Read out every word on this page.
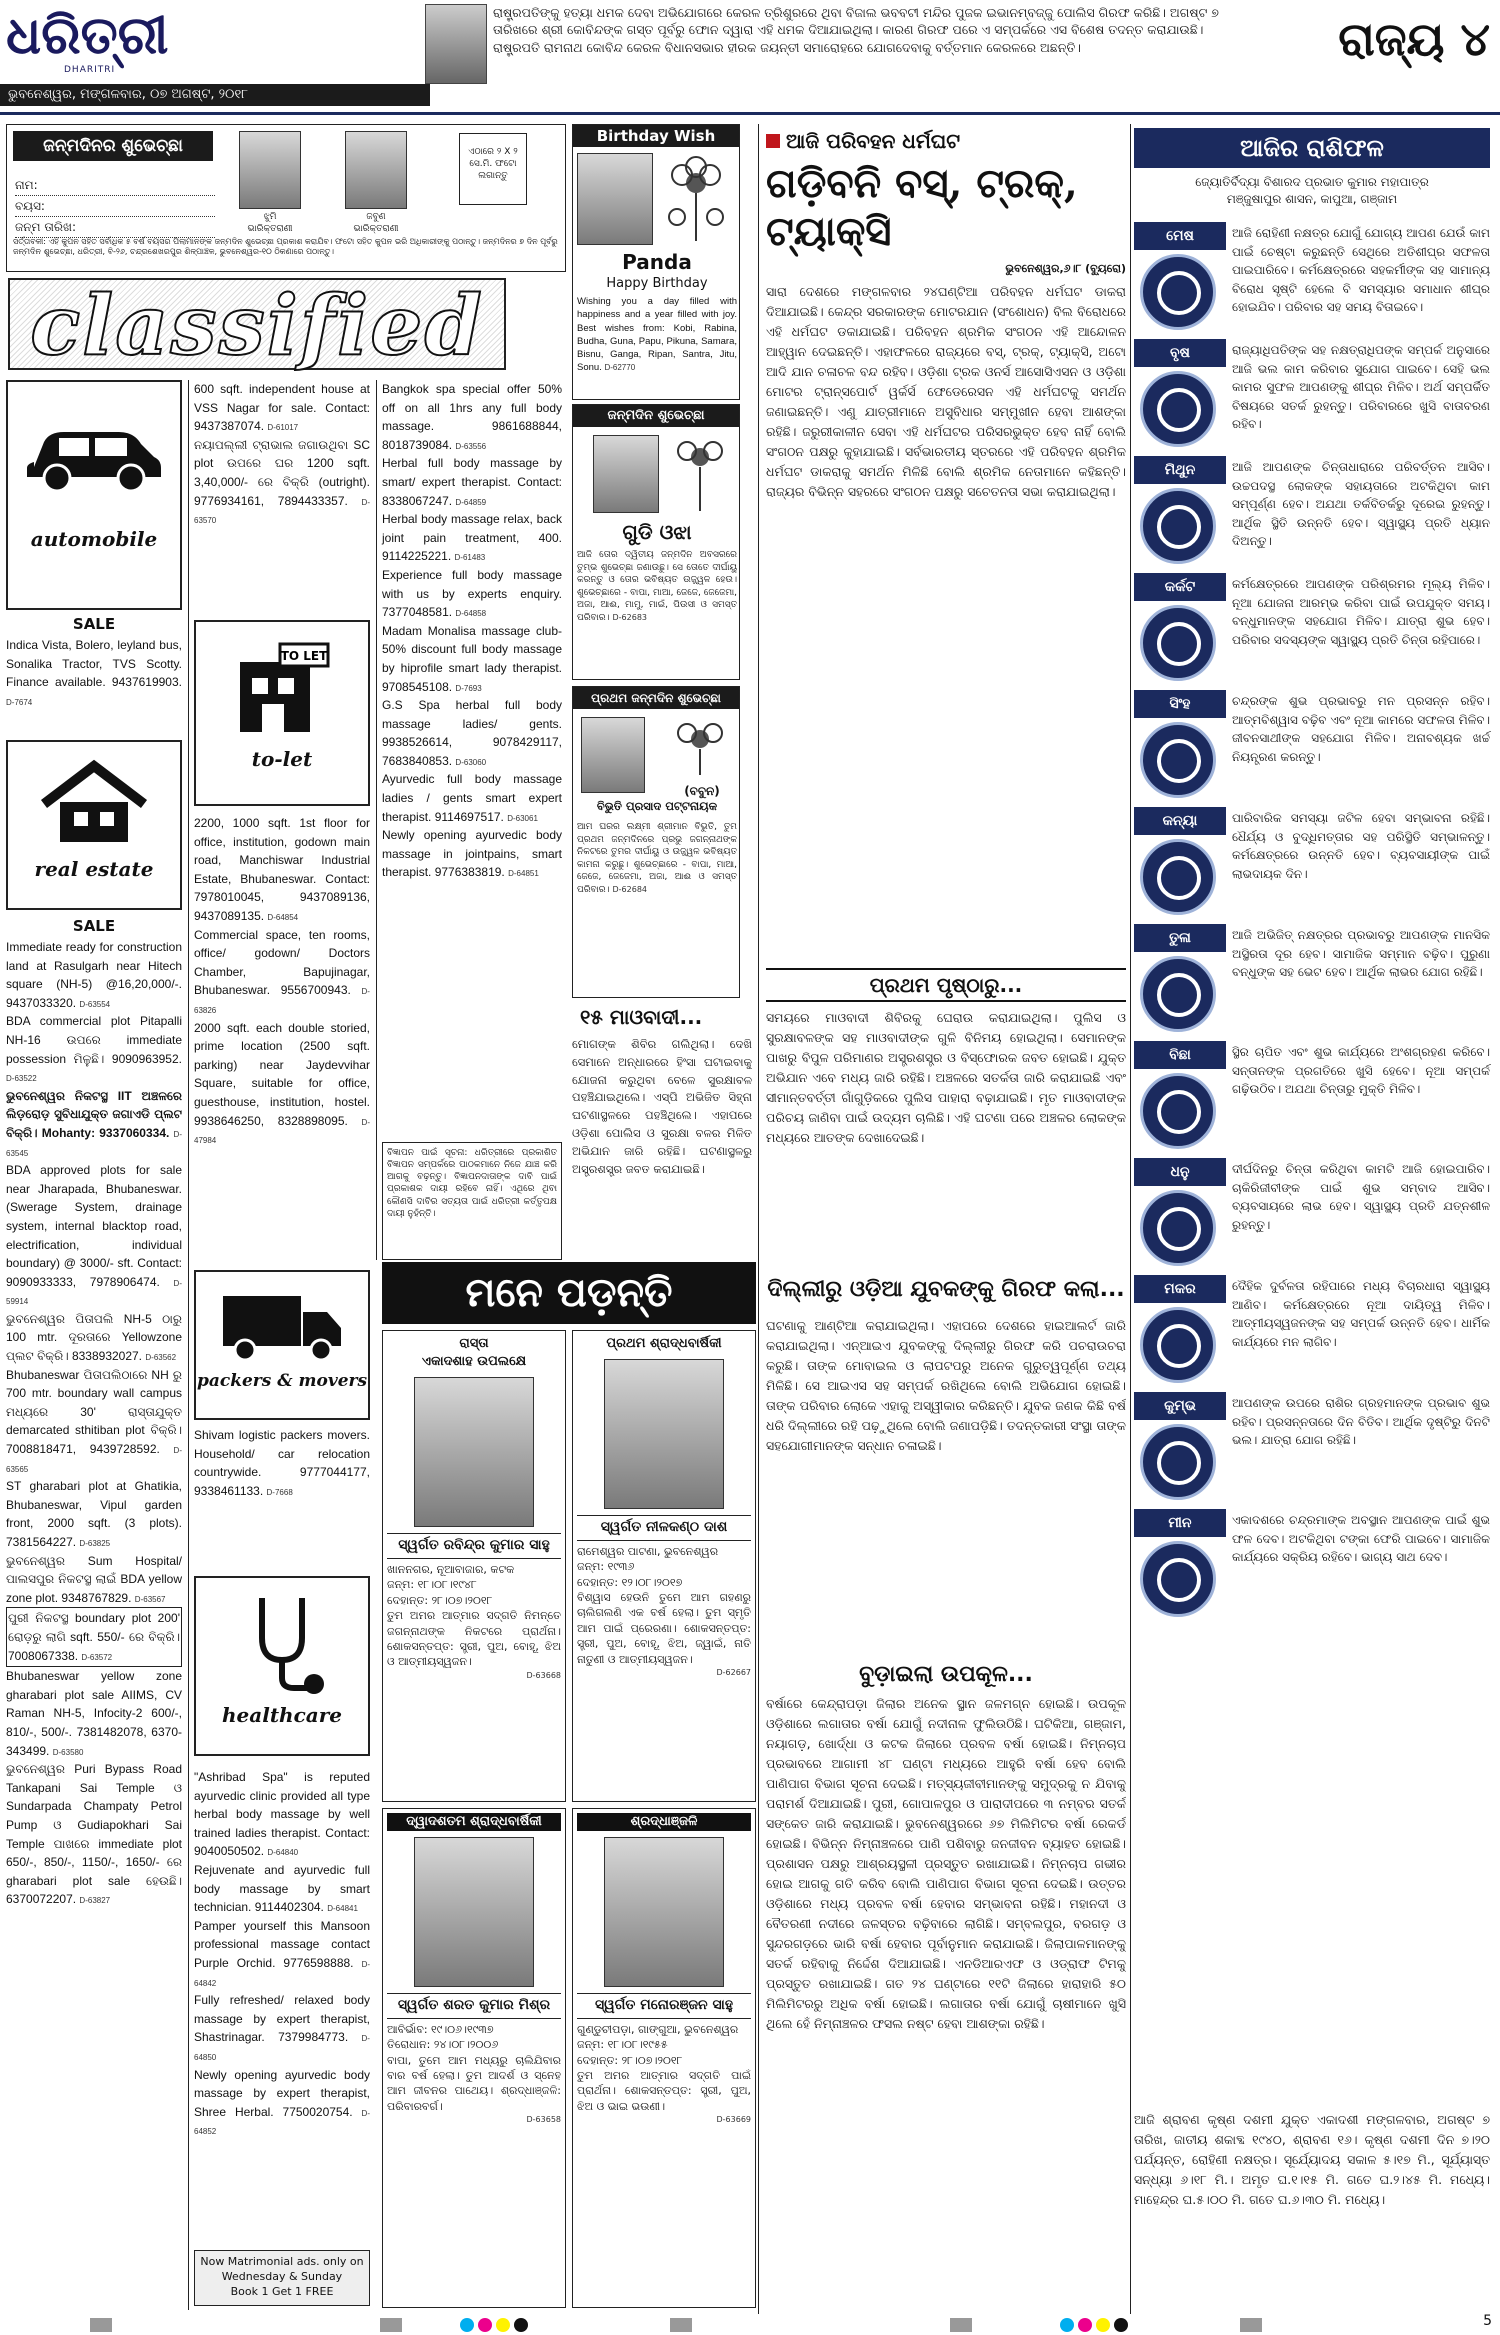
ଧରିତ୍ରୀ
DHARITRI
ଭୁବନେଶ୍ୱର, ମଙ୍ଗଳବାର, ୦୭ ଅଗଷ୍ଟ, ୨୦୧୮

ରାଷ୍ଟ୍ରପତିଙ୍କୁ ହତ୍ୟା ଧମକ ଦେବା ଅଭିଯୋଗରେ କେରଳ ତ୍ରିଶୁରରେ ଥିବା ବିଜାଲ ଭବବଟୀ ମନ୍ଦିର ପୁଜକ ଇଭାନମ୍ବଜ୍ଜୁ ପୋଲିସ ଗିରଫ କରିଛି। ଅଗଷ୍ଟ ୭ ତାରିଖରେ ଶ୍ରୀ କୋବିନ୍ଦଙ୍କ ଗସ୍ତ ପୂର୍ବରୁ ଫୋନ ଦ୍ୱାରା ଏହି ଧମକ ଦିଆଯାଇଥିଲା। କାରଣ ଗିରଫ ପରେ ଏ ସମ୍ପର୍କରେ ଏସ ବିଶେଷ ତଦନ୍ତ କରାଯାଉଛି। ରାଷ୍ଟ୍ରପତି ରାମନାଥ କୋବିନ୍ଦ କେରଳ ବିଧାନସଭାର ହୀରକ ଜୟନ୍ତୀ ସମାରୋହରେ ଯୋଗଦେବାକୁ ବର୍ତ୍ତମାନ କେରଳରେ ଅଛନ୍ତି।	ରାଜ୍ୟ ୪
ଜନ୍ମଦିନର ଶୁଭେଚ୍ଛା
ନାମ:
ବୟସ:
ଜନ୍ମ ତାରିଖ:
ଝୁମି
ଭାରିକ୍ତରାଣୀ
ଜବୁଣ
ଭାରିକ୍ତରାଣୀ
ଏଠାରେ ୨ X ୨
ସେ.ମି. ଫଟୋ
ଲଗାନ୍ତୁ
ସର୍ତ୍ତାବଳୀ: ଏହି କୁପନ ସହିତ ସର୍ବାଧିକ ୫ ବର୍ଷ ବୟସର ପିଲାମାନଙ୍କ ଜନ୍ମଦିନ ଶୁଭେଚ୍ଛା ପ୍ରକାଶ କରାଯିବ। ଫଟୋ ସହିତ କୁପନ ଭରି ଅଧିକାରୀଙ୍କୁ ପଠାନ୍ତୁ। ଜନ୍ମଦିନର ୭ ଦିନ ପୂର୍ବରୁ ଜନ୍ମଦିନ ଶୁଭେଚ୍ଛା, ଧରିତ୍ରୀ, ବି-୨୬, ଚନ୍ଦ୍ରଶେଖରପୁର ଶିଳ୍ପାଞ୍ଚଳ, ଭୁବନେଶ୍ୱର-୧୦ ଠିକଣାରେ ପଠାନ୍ତୁ।
classified
automobile
SALE
Indica Vista, Bolero, leyland bus, Sonalika Tractor, TVS Scotty. Finance available. 9437619903. D-7674
real estate
SALE

Immediate ready for construction land at Rasulgarh near Hitech square (NH-5) @16,20,000/-. 9437033320. D-63554

BDA commercial plot Pitapalli NH-16 ଉପରେ immediate possession ମିଳୁଛି। 9090963952. D-63522

ଭୁବନେଶ୍ୱର ନିକଟସ୍ଥ IIT ଅଞ୍ଚଳରେ ଲିଡ଼ରୋଡ଼ ସୁବିଧାଯୁକ୍ତ ଜଗାଏଡି ପ୍ଲଟ ବିକ୍ରି। Mohanty: 9337060334. D-63545

BDA approved plots for sale near Jharapada, Bhubaneswar. (Swerage System, drainage system, internal blacktop road, electrification, individual boundary) @ 3000/- sft. Contact: 9090933333, 7978906474. D-59914

ଭୁବନେଶ୍ୱର ପିତାପଲି NH-5 ଠାରୁ 100 mtr. ଦୂରତାରେ Yellowzone ପ୍ଲଟ ବିକ୍ରି। 8338932027. D-63562

Bhubaneswar ପିତାପଲିଠାରେ NH ରୁ 700 mtr. boundary wall campus ମଧ୍ୟରେ 30' ରାସ୍ତାଯୁକ୍ତ demarcated sthitiban plot ବିକ୍ରି। 7008818471, 9439728592. D-63565

ST gharabari plot at Ghatikia, Bhubaneswar, Vipul garden front, 2000 sqft. (3 plots). 7381564227. D-63825

ଭୁବନେଶ୍ୱର Sum Hospital/ ପାଲସପୁର ନିକଟସ୍ଥ ଲାଇଁ BDA yellow zone plot. 9348767829. D-63567

ପୁରୀ ନିକଟସ୍ଥ boundary plot 200' ରୋଡ଼ରୁ ଲାଗି sqft. 550/- ରେ ବିକ୍ରି। 7008067338. D-63572

Bhubaneswar yellow zone gharabari plot sale AIIMS, CV Raman NH-5, Infocity-2 600/-, 810/-, 500/-. 7381482078, 6370-343499. D-63580

ଭୁବନେଶ୍ୱର Puri Bypass Road Tankapani Sai Temple ଓ Sundarpada Champaty Petrol Pump ଓ Gudiapokhari Sai Temple ପାଖରେ immediate plot 650/-, 850/-, 1150/-, 1650/- ରେ gharabari plot sale ହେଉଛି। 6370072207. D-63827

600 sqft. independent house at VSS Nagar for sale. Contact: 9437387074. D-61017

ନୟାପଲ୍ଲୀ ଟ୍ରାଭାଲ ଜଗାଉଥିବା SC plot ଉପରେ ଘର 1200 sqft. 3,40,000/- ରେ ବିକ୍ରି (outright). 9776934161, 7894433357. D-63570

TO LET
to-let

2200, 1000 sqft. 1st floor for office, institution, godown main road, Manchiswar Industrial Estate, Bhubaneswar. Contact: 7978010045, 9437089136, 9437089135. D-64854

Commercial space, ten rooms, office/ godown/ Doctors Chamber, Bapujinagar, Bhubaneswar. 9556700943. D-63826

2000 sqft. each double storied, prime location (2500 sqft. parking) near Jaydevvihar Square, suitable for office, guesthouse, institution, hostel. 9938646250, 8328898095. D-47984

packers & movers

Shivam logistic packers movers. Household/ car relocation countrywide. 9777044177, 9338461133. D-7668

healthcare

"Ashribad Spa" is reputed ayurvedic clinic provided all type herbal body massage by well trained ladies therapist. Contact: 9040050502. D-64840

Rejuvenate and ayurvedic full body massage by smart technician. 9114402304. D-64841

Pamper yourself this Mansoon professional massage contact Purple Orchid. 9776598888. D-64842

Fully refreshed/ relaxed body massage by expert therapist, Shastrinagar. 7379984773. D-64850

Newly opening ayurvedic body massage by expert therapist, Shree Herbal. 7750020754. D-64852

Now Matrimonial ads. only on Wednesday & Sunday
Book 1 Get 1 FREE

Bangkok spa special offer 50% off on all 1hrs any full body massage. 9861688844, 8018739084. D-63556

Herbal full body massage by smart/ expert therapist. Contact: 8338067247. D-64859

Herbal body massage relax, back joint pain treatment, 400. 9114225221. D-61483

Experience full body massage with us by experts enquiry. 7377048581. D-64858

Madam Monalisa massage club-50% discount full body massage by hiprofile smart lady therapist. 9708545108. D-7693

G.S Spa herbal full body massage ladies/ gents. 9938526614, 9078429117, 7683840853. D-63060

Ayurvedic full body massage ladies / gents smart expert therapist. 9114697517. D-63061

Newly opening ayurvedic body massage in jointpains, smart therapist. 9776383819. D-64851

ବିଜ୍ଞାପନ ପାଇଁ ସୂଚନା: ଧରିତ୍ରୀରେ ପ୍ରକାଶିତ ବିଜ୍ଞାପନ ସମ୍ପର୍କରେ ପାଠକମାନେ ନିଜେ ଯାଞ୍ଚ କରି ଆଗକୁ ବଢ଼ନ୍ତୁ। ବିଜ୍ଞାପନଦାତାଙ୍କ ଦାବି ପାଇଁ ପ୍ରକାଶକ ଦାୟୀ ରହିବେ ନାହିଁ। ଏଥିରେ ଥିବା କୌଣସି ଦାବିର ସତ୍ୟତା ପାଇଁ ଧରିତ୍ରୀ କର୍ତ୍ତୃପକ୍ଷ ଦାୟୀ ନୁହଁନ୍ତି।
Birthday Wish
Panda
Happy Birthday
Wishing you a day filled with happiness and a year filled with joy. Best wishes from: Kobi, Rabina, Budha, Guna, Papu, Pikuna, Samara, Bisnu, Ganga, Ripan, Santra, Jitu, Sonu. D-62770
ଜନ୍ମଦିନ ଶୁଭେଚ୍ଛା
ଗୁଡି ଓଝା
ଆଜି ତୋର ଦ୍ୱିତୀୟ ଜନ୍ମଦିନ ଅବସରରେ ତୁମ୍ଭ ଶୁଭେଚ୍ଛା ଜଣାଉଛୁ। ସେ ତୋତେ ଦୀର୍ଘାୟୁ କରନ୍ତୁ ଓ ତୋର ଭବିଷ୍ୟତ ଉଜ୍ଜ୍ୱଳ ହେଉ। ଶୁଭେଚ୍ଛାରେ - ବାପା, ମାଆ, ଜେଜେ, ଜେଜେମା, ଅଜା, ଆଈ, ମାମୁ, ମାଇଁ, ପିଉସୀ ଓ ସମସ୍ତ ପରିବାର। D-62683
ପ୍ରଥମ ଜନ୍ମଦିନ ଶୁଭେଚ୍ଛା
(ବବୁନ)
ବିଭୁତି ପ୍ରସାଦ ପଟ୍ଟନାୟକ
ଆମ ଘରର ଲକ୍ଷ୍ମୀ ଶ୍ରୀମାନ ବିଭୁତି, ତୁମ ପ୍ରଥମ ଜନ୍ମଦିନରେ ପ୍ରଭୁ ଜଗନ୍ନାଥଙ୍କ ନିକଟରେ ତୁମର ଦୀର୍ଘାୟୁ ଓ ଉଜ୍ଜ୍ୱଳ ଭବିଷ୍ୟତ କାମନା କରୁଛୁ। ଶୁଭେଚ୍ଛାରେ - ବାପା, ମାଆ, ଜେଜେ, ଜେଜେମା, ଅଜା, ଆଈ ଓ ସମସ୍ତ ପରିବାର। D-62684
୧୫ ମାଓବାଦୀ...
ମୋଗଙ୍କ ଶିବିର ଗଲିଥିଲା। ଦେଖି ସେମାନେ ଅନ୍ଧାରରେ ହିଂସା ଘଟାଇବାକୁ ଯୋଜନା କରୁଥିବା ବେଳେ ସୁରକ୍ଷାବଳ ପହଞ୍ଚିଯାଇଥିଲେ। ଏସ୍ପି ଅଭିଜିତ ସିହ୍ନା ଘଟଣାସ୍ଥଳରେ ପହଞ୍ଚିଥିଲେ। ଏହାପରେ ଓଡ଼ିଶା ପୋଲିସ ଓ ସୁରକ୍ଷା ବଳର ମିଳିତ ଅଭିଯାନ ଜାରି ରହିଛି। ଘଟଣାସ୍ଥଳରୁ ଅସ୍ତ୍ରଶସ୍ତ୍ର ଜବତ କରାଯାଇଛି।
ମନେ ପଡ଼ନ୍ତି
ରାସ୍ତା
ଏକାଦଶାହ ଉପଲକ୍ଷେ
ସ୍ୱର୍ଗତ ରବିନ୍ଦ୍ର କୁମାର ସାହୁ
ଖାନନଗର, ନୂଆବାଜାର, କଟକ
ଜନ୍ମ: ୧୮।୦୮।୧୯୪୮
ଦେହାନ୍ତ: ୨୮।୦୭।୨୦୧୮
ତୁମ ଅମର ଆତ୍ମାର ସଦ୍‌ଗତି ନିମନ୍ତେ ଜଗନ୍ନାଥଙ୍କ ନିକଟରେ ପ୍ରାର୍ଥନା। ଶୋକସନ୍ତପ୍ତ: ସ୍ତ୍ରୀ, ପୁଅ, ବୋହୂ, ଝିଅ ଓ ଆତ୍ମୀୟସ୍ୱଜନ।
D-63668
ପ୍ରଥମ ଶ୍ରାଦ୍ଧବାର୍ଷିକୀ
ସ୍ୱର୍ଗତ ନୀଳକଣ୍ଠ ଦାଶ
ରାମେଶ୍ୱର ପାଟଣା, ଭୁବନେଶ୍ୱର
ଜନ୍ମ: ୧୯୩୬
ଦେହାନ୍ତ: ୧୨।୦୮।୨୦୧୭
ବିଶ୍ୱାସ ହେଉନି ତୁମେ ଆମ ଗହଣରୁ ଚାଲିଗଲଣି ଏକ ବର୍ଷ ହେଲା। ତୁମ ସ୍ମୃତି ଆମ ପାଇଁ ପ୍ରେରଣା। ଶୋକସନ୍ତପ୍ତ: ସ୍ତ୍ରୀ, ପୁଅ, ବୋହୂ, ଝିଅ, ଜ୍ୱାଇଁ, ନାତି ନାତୁଣୀ ଓ ଆତ୍ମୀୟସ୍ୱଜନ।
D-62667
ଦ୍ୱାଦଶତମ ଶ୍ରାଦ୍ଧବାର୍ଷିକୀ
ସ୍ୱର୍ଗତ ଶରତ କୁମାର ମିଶ୍ର
ଆବିର୍ଭାବ: ୧୯।୦୬।୧୯୩୭
ତିରୋଧାନ: ୨୪।୦୮।୨୦୦୬
ବାପା, ତୁମେ ଆମ ମଧ୍ୟରୁ ଚାଲିଯିବାର ବାର ବର୍ଷ ହେଲା। ତୁମ ଆଦର୍ଶ ଓ ସ୍ନେହ ଆମ ଜୀବନର ପାଥେୟ। ଶ୍ରଦ୍ଧାଞ୍ଜଳି: ପରିବାରବର୍ଗ।
D-63658
ଶ୍ରଦ୍ଧାଞ୍ଜଳି
ସ୍ୱର୍ଗତ ମନୋରଞ୍ଜନ ସାହୁ
ଗୁଣ୍ଡୁଚୀପଡ଼ା, ଗାଙ୍ଗୁଆ, ଭୁବନେଶ୍ୱର
ଜନ୍ମ: ୧୮।୦୮।୧୯୫୫
ଦେହାନ୍ତ: ୨୮।୦୭।୨୦୧୮
ତୁମ ଅମର ଆତ୍ମାର ସଦ୍‌ଗତି ପାଇଁ ପ୍ରାର୍ଥନା। ଶୋକସନ୍ତପ୍ତ: ସ୍ତ୍ରୀ, ପୁଅ, ଝିଅ ଓ ଭାଇ ଭଉଣୀ।
D-63669
ଆଜି ପରିବହନ ଧର୍ମଘଟ
ଗଡ଼ିବନି ବସ୍, ଟ୍ରକ୍, ଟ୍ୟାକ୍ସି
ଭୁବନେଶ୍ୱର,୬।୮ (ବ୍ୟୁରୋ)
ସାରା ଦେଶରେ ମଙ୍ଗଳବାର ୨୪ଘଣ୍ଟିଆ ପରିବହନ ଧର୍ମଘଟ ଡାକରା ଦିଆଯାଇଛି। କେନ୍ଦ୍ର ସରକାରଙ୍କ ମୋଟରଯାନ (ସଂଶୋଧନ) ବିଲ ବିରୋଧରେ ଏହି ଧର୍ମଘଟ ଡକାଯାଇଛି। ପରିବହନ ଶ୍ରମିକ ସଂଗଠନ ଏହି ଆନ୍ଦୋଳନ ଆହ୍ୱାନ ଦେଇଛନ୍ତି। ଏହାଫଳରେ ରାଜ୍ୟରେ ବସ୍, ଟ୍ରକ୍, ଟ୍ୟାକ୍ସି, ଅଟୋ ଆଦି ଯାନ ଚଳାଚଳ ବନ୍ଦ ରହିବ। ଓଡ଼ିଶା ଟ୍ରକ ଓନର୍ସ ଆସୋସିଏସନ ଓ ଓଡ଼ିଶା ମୋଟର ଟ୍ରାନ୍ସପୋର୍ଟ ୱର୍କର୍ସ ଫେଡେରେସନ ଏହି ଧର୍ମଘଟକୁ ସମର୍ଥନ ଜଣାଇଛନ୍ତି। ଏଣୁ ଯାତ୍ରୀମାନେ ଅସୁବିଧାର ସମ୍ମୁଖୀନ ହେବା ଆଶଙ୍କା ରହିଛି। ଜରୁରୀକାଳୀନ ସେବା ଏହି ଧର୍ମଘଟର ପରିସରଭୁକ୍ତ ହେବ ନାହିଁ ବୋଲି ସଂଗଠନ ପକ୍ଷରୁ କୁହାଯାଇଛି। ସର୍ବଭାରତୀୟ ସ୍ତରରେ ଏହି ପରିବହନ ଶ୍ରମିକ ଧର୍ମଘଟ ଡାକରାକୁ ସମର୍ଥନ ମିଳିଛି ବୋଲି ଶ୍ରମିକ ନେତାମାନେ କହିଛନ୍ତି। ରାଜ୍ୟର ବିଭିନ୍ନ ସହରରେ ସଂଗଠନ ପକ୍ଷରୁ ସଚେତନତା ସଭା କରାଯାଇଥିଲା।
ପ୍ରଥମ ପୃଷ୍ଠାରୁ...
ସମୟରେ ମାଓବାଦୀ ଶିବିରକୁ ଘେରାଉ କରାଯାଇଥିଲା। ପୁଲିସ ଓ ସୁରକ୍ଷାବଳଙ୍କ ସହ ମାଓବାଦୀଙ୍କ ଗୁଳି ବିନିମୟ ହୋଇଥିଲା। ସେମାନଙ୍କ ପାଖରୁ ବିପୁଳ ପରିମାଣର ଅସ୍ତ୍ରଶସ୍ତ୍ର ଓ ବିସ୍ଫୋରକ ଜବତ ହୋଇଛି। ଯୁକ୍ତ ଅଭିଯାନ ଏବେ ମଧ୍ୟ ଜାରି ରହିଛି। ଅଞ୍ଚଳରେ ସତର୍କତା ଜାରି କରାଯାଇଛି ଏବଂ ସୀମାନ୍ତବର୍ତ୍ତୀ ଗାଁଗୁଡ଼ିକରେ ପୁଲିସ ପାହାରା ବଢ଼ାଯାଇଛି। ମୃତ ମାଓବାଦୀଙ୍କ ପରିଚୟ ଜାଣିବା ପାଇଁ ଉଦ୍ୟମ ଚାଲିଛି। ଏହି ଘଟଣା ପରେ ଅଞ୍ଚଳର ଲୋକଙ୍କ ମଧ୍ୟରେ ଆତଙ୍କ ଦେଖାଦେଇଛି।
ଦିଲ୍ଲୀରୁ ଓଡ଼ିଆ ଯୁବକଙ୍କୁ ଗିରଫ କଲା...
ଘଟଣାକୁ ଆଣ୍ଟିଆ କରାଯାଇଥିଲା। ଏହାପରେ ଦେଶରେ ହାଇଆଲର୍ଟ ଜାରି କରାଯାଇଥିଲା। ଏନ୍ଆଇଏ ଯୁବକଙ୍କୁ ଦିଲ୍ଲୀରୁ ଗିରଫ କରି ପଚରାଉଚରା କରୁଛି। ତାଙ୍କ ମୋବାଇଲ ଓ ଲାପଟପରୁ ଅନେକ ଗୁରୁତ୍ୱପୂର୍ଣ୍ଣ ତଥ୍ୟ ମିଳିଛି। ସେ ଆଇଏସ ସହ ସମ୍ପର୍କ ରଖିଥିଲେ ବୋଲି ଅଭିଯୋଗ ହୋଇଛି। ତାଙ୍କ ପରିବାର ଲୋକେ ଏହାକୁ ଅସ୍ୱୀକାର କରିଛନ୍ତି। ଯୁବକ ଜଣକ କିଛି ବର୍ଷ ଧରି ଦିଲ୍ଲୀରେ ରହି ପଢ଼ୁଥିଲେ ବୋଲି ଜଣାପଡ଼ିଛି। ତଦନ୍ତକାରୀ ସଂସ୍ଥା ତାଙ୍କ ସହଯୋଗୀମାନଙ୍କ ସନ୍ଧାନ ଚଳାଇଛି।
ବୁଡ଼ାଇଲା ଉପକୂଳ...
ବର୍ଷାରେ କେନ୍ଦ୍ରାପଡ଼ା ଜିଲାର ଅନେକ ସ୍ଥାନ ଜଳମଗ୍ନ ହୋଇଛି। ଉପକୂଳ ଓଡ଼ିଶାରେ ଲଗାତାର ବର୍ଷା ଯୋଗୁଁ ନଦୀନାଳ ଫୁଲିଉଠିଛି। ଘଟିକିଆ, ଗଞ୍ଜାମ, ନୟାଗଡ଼, ଖୋର୍ଦ୍ଧା ଓ କଟକ ଜିଲାରେ ପ୍ରବଳ ବର୍ଷା ହୋଇଛି। ନିମ୍ନଚାପ ପ୍ରଭାବରେ ଆଗାମୀ ୪୮ ଘଣ୍ଟା ମଧ୍ୟରେ ଆହୁରି ବର୍ଷା ହେବ ବୋଲି ପାଣିପାଗ ବିଭାଗ ସୂଚନା ଦେଇଛି। ମତ୍ସ୍ୟଜୀବୀମାନଙ୍କୁ ସମୁଦ୍ରକୁ ନ ଯିବାକୁ ପରାମର୍ଶ ଦିଆଯାଇଛି। ପୁରୀ, ଗୋପାଳପୁର ଓ ପାରାଦୀପରେ ୩ ନମ୍ବର ସତର୍କ ସଙ୍କେତ ଜାରି କରାଯାଇଛି। ଭୁବନେଶ୍ୱରରେ ୬୭ ମିଲିମିଟର ବର୍ଷା ରେକର୍ଡ ହୋଇଛି। ବିଭିନ୍ନ ନିମ୍ନାଞ୍ଚଳରେ ପାଣି ପଶିବାରୁ ଜନଜୀବନ ବ୍ୟାହତ ହୋଇଛି। ପ୍ରଶାସନ ପକ୍ଷରୁ ଆଶ୍ରୟସ୍ଥଳୀ ପ୍ରସ୍ତୁତ ରଖାଯାଇଛି। ନିମ୍ନଚାପ ଗଭୀର ହୋଇ ଆଗକୁ ଗତି କରିବ ବୋଲି ପାଣିପାଗ ବିଭାଗ ସୂଚନା ଦେଇଛି। ଉତ୍ତର ଓଡ଼ିଶାରେ ମଧ୍ୟ ପ୍ରବଳ ବର୍ଷା ହେବାର ସମ୍ଭାବନା ରହିଛି। ମହାନଦୀ ଓ ବୈତରଣୀ ନଦୀରେ ଜଳସ୍ତର ବଢ଼ିବାରେ ଲାଗିଛି। ସମ୍ବଲପୁର, ବରଗଡ଼ ଓ ସୁନ୍ଦରଗଡ଼ରେ ଭାରି ବର୍ଷା ହେବାର ପୂର୍ବାନୁମାନ କରାଯାଇଛି। ଜିଲାପାଳମାନଙ୍କୁ ସତର୍କ ରହିବାକୁ ନିର୍ଦ୍ଦେଶ ଦିଆଯାଇଛି। ଏନଡିଆରଏଫ ଓ ଓଡ୍ରାଫ ଟିମକୁ ପ୍ରସ୍ତୁତ ରଖାଯାଇଛି। ଗତ ୨୪ ଘଣ୍ଟାରେ ୧୧ଟି ଜିଲାରେ ହାରାହାରି ୫୦ ମିଲିମିଟରରୁ ଅଧିକ ବର୍ଷା ହୋଇଛି। ଲଗାତାର ବର୍ଷା ଯୋଗୁଁ ଚାଷୀମାନେ ଖୁସି ଥିଲେ ହେଁ ନିମ୍ନାଞ୍ଚଳର ଫସଲ ନଷ୍ଟ ହେବା ଆଶଙ୍କା ରହିଛି।
ଆଜିର ରାଶିଫଳ
ଜ୍ୟୋତିର୍ବିଦ୍ୟା ବିଶାରଦ ପ୍ରଭାତ କୁମାର ମହାପାତ୍ର
ମଞ୍ଜୁଷାପୁର ଶାସନ, କାପୁଆ, ଗଞ୍ଜାମ
ମେଷ	ଆଜି ରୋହିଣୀ ନକ୍ଷତ୍ର ଯୋଗୁଁ ଯୋଗ୍ୟ ଆପଣ ଯେଉଁ କାମ ପାଇଁ ଚେଷ୍ଟା କରୁଛନ୍ତି ସେଥିରେ ଅତିଶୀଘ୍ର ସଫଳତା ପାଇପାରିବେ। କର୍ମକ୍ଷେତ୍ରରେ ସହକର୍ମୀଙ୍କ ସହ ସାମାନ୍ୟ ବିରୋଧ ସୃଷ୍ଟି ହେଲେ ବି ସମସ୍ୟାର ସମାଧାନ ଶୀଘ୍ର ହୋଇଯିବ। ପରିବାର ସହ ସମୟ ବିତାଇବେ।
ବୃଷ	ରାଜ୍ୟାଧିପତିଙ୍କ ସହ ନକ୍ଷତ୍ରାଧିପଙ୍କ ସମ୍ପର୍କ ଅନୁସାରେ ଆଜି ଭଲ କାମ କରିବାର ସୁଯୋଗ ପାଇବେ। ସେହି ଭଲ କାମର ସୁଫଳ ଆପଣଙ୍କୁ ଶୀଘ୍ର ମିଳିବ। ଅର୍ଥ ସମ୍ପର୍କିତ ବିଷୟରେ ସତର୍କ ରୁହନ୍ତୁ। ପରିବାରରେ ଖୁସି ବାତାବରଣ ରହିବ।
ମିଥୁନ	ଆଜି ଆପଣଙ୍କ ଚିନ୍ତାଧାରାରେ ପରିବର୍ତ୍ତନ ଆସିବ। ଉଚ୍ଚପଦସ୍ଥ ଲୋକଙ୍କ ସହାୟତାରେ ଅଟକିଥିବା କାମ ସମ୍ପୂର୍ଣ୍ଣ ହେବ। ଅଯଥା ତର୍କବିତର୍କରୁ ଦୂରେଇ ରୁହନ୍ତୁ। ଆର୍ଥିକ ସ୍ଥିତି ଉନ୍ନତି ହେବ। ସ୍ୱାସ୍ଥ୍ୟ ପ୍ରତି ଧ୍ୟାନ ଦିଅନ୍ତୁ।
କର୍କଟ	କର୍ମକ୍ଷେତ୍ରରେ ଆପଣଙ୍କ ପରିଶ୍ରମର ମୂଲ୍ୟ ମିଳିବ। ନୂଆ ଯୋଜନା ଆରମ୍ଭ କରିବା ପାଇଁ ଉପଯୁକ୍ତ ସମୟ। ବନ୍ଧୁମାନଙ୍କ ସହଯୋଗ ମିଳିବ। ଯାତ୍ରା ଶୁଭ ହେବ। ପରିବାର ସଦସ୍ୟଙ୍କ ସ୍ୱାସ୍ଥ୍ୟ ପ୍ରତି ଚିନ୍ତା ରହିପାରେ।
ସିଂହ	ଚନ୍ଦ୍ରଙ୍କ ଶୁଭ ପ୍ରଭାବରୁ ମନ ପ୍ରସନ୍ନ ରହିବ। ଆତ୍ମବିଶ୍ୱାସ ବଢ଼ିବ ଏବଂ ନୂଆ କାମରେ ସଫଳତା ମିଳିବ। ଜୀବନସାଥୀଙ୍କ ସହଯୋଗ ମିଳିବ। ଅନାବଶ୍ୟକ ଖର୍ଚ୍ଚ ନିୟନ୍ତ୍ରଣ କରନ୍ତୁ।
କନ୍ୟା	ପାରିବାରିକ ସମସ୍ୟା ଜଟିଳ ହେବା ସମ୍ଭାବନା ରହିଛି। ଧୈର୍ଯ୍ୟ ଓ ବୁଦ୍ଧିମତ୍ତାର ସହ ପରିସ୍ଥିତି ସମ୍ଭାଳନ୍ତୁ। କର୍ମକ୍ଷେତ୍ରରେ ଉନ୍ନତି ହେବ। ବ୍ୟବସାୟୀଙ୍କ ପାଇଁ ଲାଭଦାୟକ ଦିନ।
ତୁଳା	ଆଜି ଅଭିଜିତ୍ ନକ୍ଷତ୍ରର ପ୍ରଭାବରୁ ଆପଣଙ୍କ ମାନସିକ ଅସ୍ଥିରତା ଦୂର ହେବ। ସାମାଜିକ ସମ୍ମାନ ବଢ଼ିବ। ପୁରୁଣା ବନ୍ଧୁଙ୍କ ସହ ଭେଟ ହେବ। ଆର୍ଥିକ ଲାଭର ଯୋଗ ରହିଛି।
ବିଛା	ସ୍ଥିର ଚାପିତ ଏବଂ ଶୁଭ କାର୍ଯ୍ୟରେ ଅଂଶଗ୍ରହଣ କରିବେ। ସନ୍ତାନଙ୍କ ପ୍ରଗତିରେ ଖୁସି ହେବେ। ନୂଆ ସମ୍ପର୍କ ଗଢ଼ିଉଠିବ। ଅଯଥା ଚିନ୍ତାରୁ ମୁକ୍ତି ମିଳିବ।
ଧନୁ	ଦୀର୍ଘଦିନରୁ ଚିନ୍ତା କରିଥିବା କାମଟି ଆଜି ହୋଇପାରିବ। ଚାକିରିଜୀବୀଙ୍କ ପାଇଁ ଶୁଭ ସମ୍ବାଦ ଆସିବ। ବ୍ୟବସାୟରେ ଲାଭ ହେବ। ସ୍ୱାସ୍ଥ୍ୟ ପ୍ରତି ଯତ୍ନଶୀଳ ରୁହନ୍ତୁ।
ମକର	ଦୈହିକ ଦୁର୍ବଳତା ରହିପାରେ ମଧ୍ୟ ବିଚାରଧାରା ସ୍ୱାସ୍ଥ୍ୟ ଆଣିବ। କର୍ମକ୍ଷେତ୍ରରେ ନୂଆ ଦାୟିତ୍ୱ ମିଳିବ। ଆତ୍ମୀୟସ୍ୱଜନଙ୍କ ସହ ସମ୍ପର୍କ ଉନ୍ନତି ହେବ। ଧାର୍ମିକ କାର୍ଯ୍ୟରେ ମନ ଲାଗିବ।
କୁମ୍ଭ	ଆପଣଙ୍କ ଉପରେ ରାଶିର ଗ୍ରହମାନଙ୍କ ପ୍ରଭାବ ଶୁଭ ରହିବ। ପ୍ରସନ୍ନତାରେ ଦିନ ବିତିବ। ଆର୍ଥିକ ଦୃଷ୍ଟିରୁ ଦିନଟି ଭଲ। ଯାତ୍ରା ଯୋଗ ରହିଛି।
ମୀନ	ଏକାଦଶରେ ଚନ୍ଦ୍ରମାଙ୍କ ଅବସ୍ଥାନ ଆପଣଙ୍କ ପାଇଁ ଶୁଭ ଫଳ ଦେବ। ଅଟକିଥିବା ଟଙ୍କା ଫେରି ପାଇବେ। ସାମାଜିକ କାର୍ଯ୍ୟରେ ସକ୍ରିୟ ରହିବେ। ଭାଗ୍ୟ ସାଥ ଦେବ।
ଆଜି ଶ୍ରାବଣ କୃଷ୍ଣ ଦଶମୀ ଯୁକ୍ତ ଏକାଦଶୀ ମଙ୍ଗଳବାର, ଅଗଷ୍ଟ ୭ ତାରିଖ, ଜାତୀୟ ଶକାବ୍ଦ ୧୯୪୦, ଶ୍ରାବଣ ୧୬। କୃଷ୍ଣ ଦଶମୀ ଦିନ ୭।୨୦ ପର୍ଯ୍ୟନ୍ତ, ରୋହିଣୀ ନକ୍ଷତ୍ର। ସୂର୍ଯ୍ୟୋଦୟ ସକାଳ ୫।୧୭ ମି., ସୂର୍ଯ୍ୟାସ୍ତ ସନ୍ଧ୍ୟା ୬।୧୮ ମି.। ଅମୃତ ଘ.୧।୧୫ ମି. ଗତେ ଘ.୨।୪୫ ମି. ମଧ୍ୟେ। ମାହେନ୍ଦ୍ର ଘ.୫।୦୦ ମି. ଗତେ ଘ.୬।୩୦ ମି. ମଧ୍ୟେ।
5
